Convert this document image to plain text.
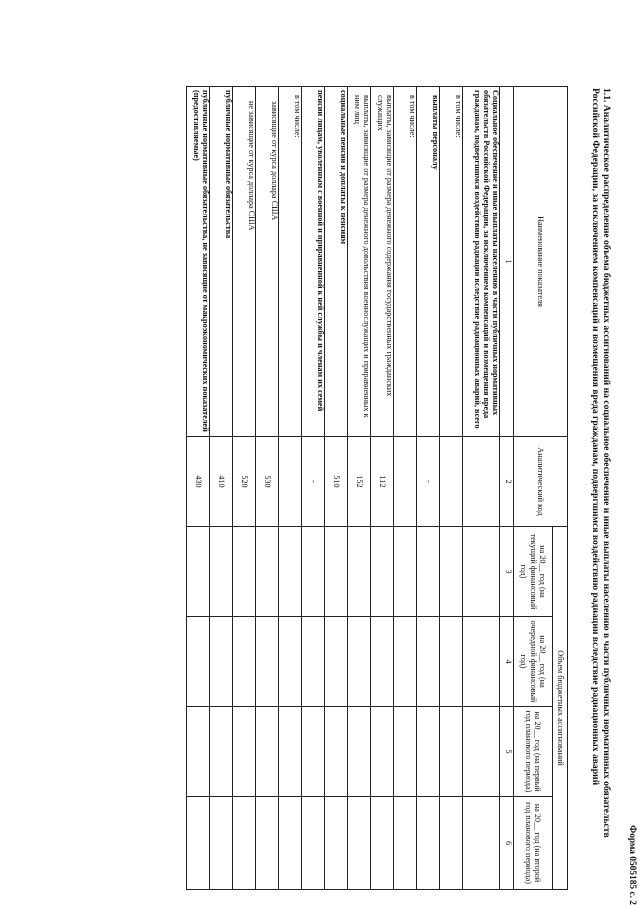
Форма 0505185 с. 2
1.1. Аналитическое распределение объема бюджетных ассигнований на социальное обеспечение и иные выплаты населению в части публичных нормативных обязательств Российской Федерации, за исключением компенсаций и возмещения вреда гражданам, подвергшимся воздействию радиации вследствие радиационных аварий
Наименование показателя	Аналитический код	Объем бюджетных ассигнований			
		на 20__ год (на текущий финансовый год)	на 20__ год (на очередной финансовый год)	на 20__ год (на первый год планового периода)	на 20__ год (на второй год планового периода)
1	2	3	4	5	6
Социальное обеспечение и иные выплаты населению в части публичных нормативных обязательств Российской Федерации, за исключением компенсаций и возмещения вреда гражданам, подвергшимся воздействию радиации вследствие радиационных аварий, всего					
в том числе:					
выплаты персоналу	-				
в том числе:					
выплаты, зависящие от размера денежного содержания государственных гражданских служащих	112				
выплаты, зависящие от размера денежного довольствия военнослужащих и приравненных к ним лиц	152				
социальные пенсии и доплаты к пенсиям	510				
пенсии лицам, уволенным с военной и приравненной к ней службы и членам их семей	-				
в том числе:					
зависящие от курса доллара США	530				
не зависящие от курса доллара США	520				
публичные нормативные обязательства	410				
публичные нормативные обязательства, не зависящие от макроэкономических показателей (предоставляемые)	430				
